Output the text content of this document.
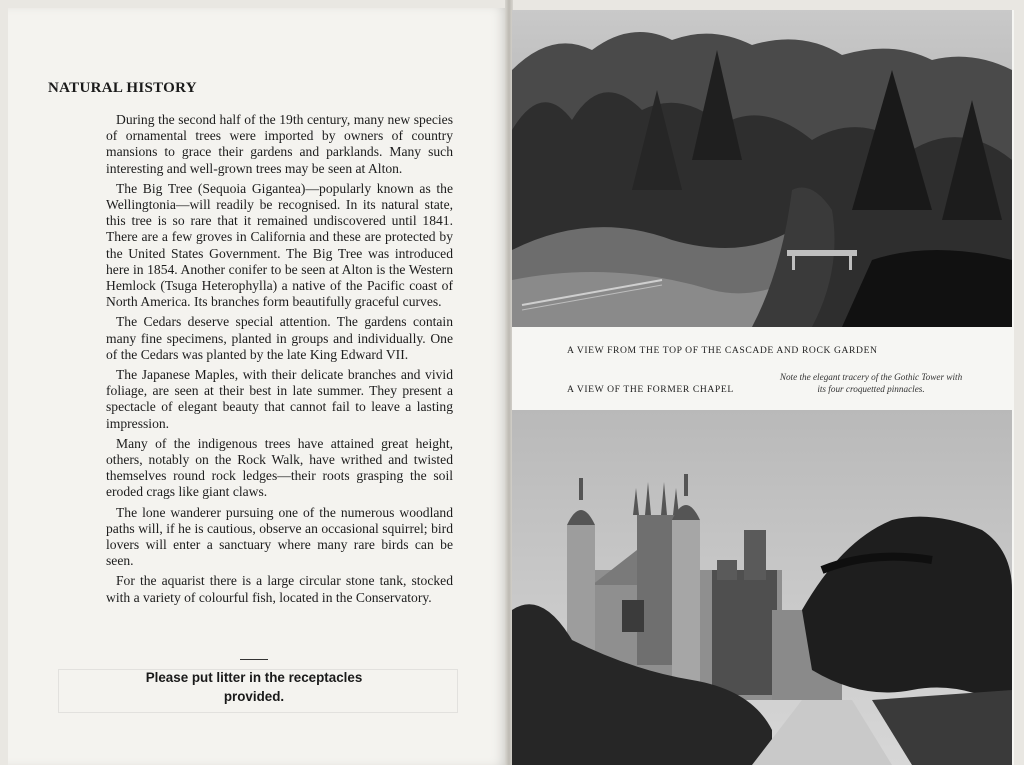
NATURAL HISTORY

During the second half of the 19th century, many new species of ornamental trees were imported by owners of country mansions to grace their gardens and parklands. Many such interesting and well-grown trees may be seen at Alton.

The Big Tree (Sequoia Gigantea)—popularly known as the Wellingtonia—will readily be recognised. In its natural state, this tree is so rare that it remained undiscovered until 1841. There are a few groves in California and these are protected by the United States Government. The Big Tree was introduced here in 1854. Another conifer to be seen at Alton is the Western Hemlock (Tsuga Heterophylla) a native of the Pacific coast of North America. Its branches form beautifully graceful curves.

The Cedars deserve special attention. The gardens contain many fine specimens, planted in groups and individually. One of the Cedars was planted by the late King Edward VII.

The Japanese Maples, with their delicate branches and vivid foliage, are seen at their best in late summer. They present a spectacle of elegant beauty that cannot fail to leave a lasting impression.

Many of the indigenous trees have attained great height, others, notably on the Rock Walk, have writhed and twisted themselves round rock ledges—their roots grasping the soil eroded crags like giant claws.

The lone wanderer pursuing one of the numerous woodland paths will, if he is cautious, observe an occasional squirrel; bird lovers will enter a sanctuary where many rare birds can be seen.

For the aquarist there is a large circular stone tank, stocked with a variety of colourful fish, located in the Conservatory.

Please put litter in the receptacles
provided.
A VIEW FROM THE TOP OF THE CASCADE AND ROCK GARDEN
Note the elegant tracery of the Gothic Tower with
its four croquetted pinnacles.
A VIEW OF THE FORMER CHAPEL
